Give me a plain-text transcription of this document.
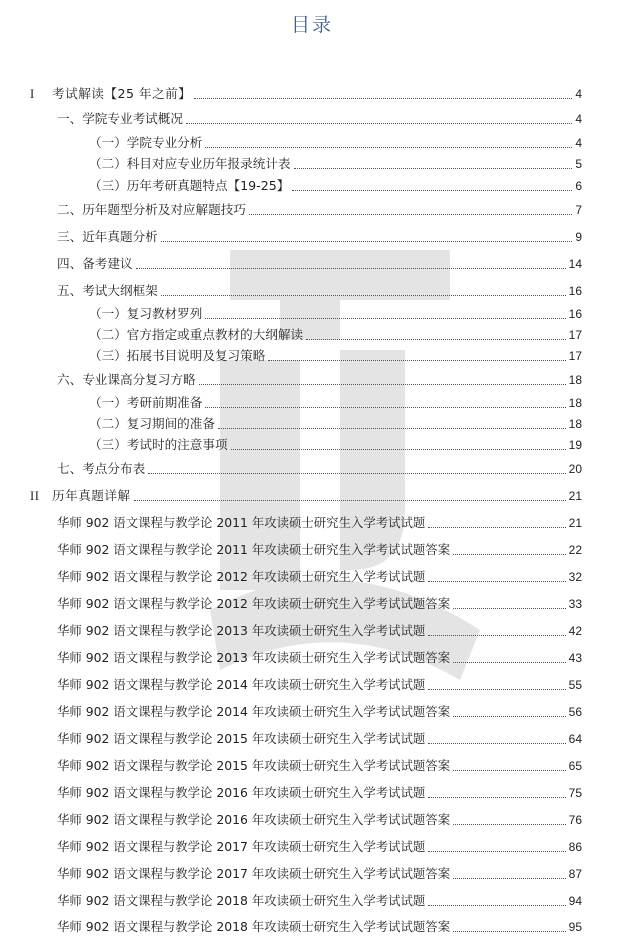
目录
I 考试解读【25 年之前】	4
一、学院专业考试概况	4
（一）学院专业分析	4
（二）科目对应专业历年报录统计表	5
（三）历年考研真题特点【19-25】	6
二、历年题型分析及对应解题技巧	7
三、近年真题分析	9
四、备考建议	14
五、考试大纲框架	16
（一）复习教材罗列	16
（二）官方指定或重点教材的大纲解读	17
（三）拓展书目说明及复习策略	17
六、专业课高分复习方略	18
（一）考研前期准备	18
（二）复习期间的准备	18
（三）考试时的注意事项	19
七、考点分布表	20
II 历年真题详解	21
华师 902 语文课程与教学论 2011 年攻读硕士研究生入学考试试题	21
华师 902 语文课程与教学论 2011 年攻读硕士研究生入学考试试题答案	22
华师 902 语文课程与教学论 2012 年攻读硕士研究生入学考试试题	32
华师 902 语文课程与教学论 2012 年攻读硕士研究生入学考试试题答案	33
华师 902 语文课程与教学论 2013 年攻读硕士研究生入学考试试题	42
华师 902 语文课程与教学论 2013 年攻读硕士研究生入学考试试题答案	43
华师 902 语文课程与教学论 2014 年攻读硕士研究生入学考试试题	55
华师 902 语文课程与教学论 2014 年攻读硕士研究生入学考试试题答案	56
华师 902 语文课程与教学论 2015 年攻读硕士研究生入学考试试题	64
华师 902 语文课程与教学论 2015 年攻读硕士研究生入学考试试题答案	65
华师 902 语文课程与教学论 2016 年攻读硕士研究生入学考试试题	75
华师 902 语文课程与教学论 2016 年攻读硕士研究生入学考试试题答案	76
华师 902 语文课程与教学论 2017 年攻读硕士研究生入学考试试题	86
华师 902 语文课程与教学论 2017 年攻读硕士研究生入学考试试题答案	87
华师 902 语文课程与教学论 2018 年攻读硕士研究生入学考试试题	94
华师 902 语文课程与教学论 2018 年攻读硕士研究生入学考试试题答案	95
